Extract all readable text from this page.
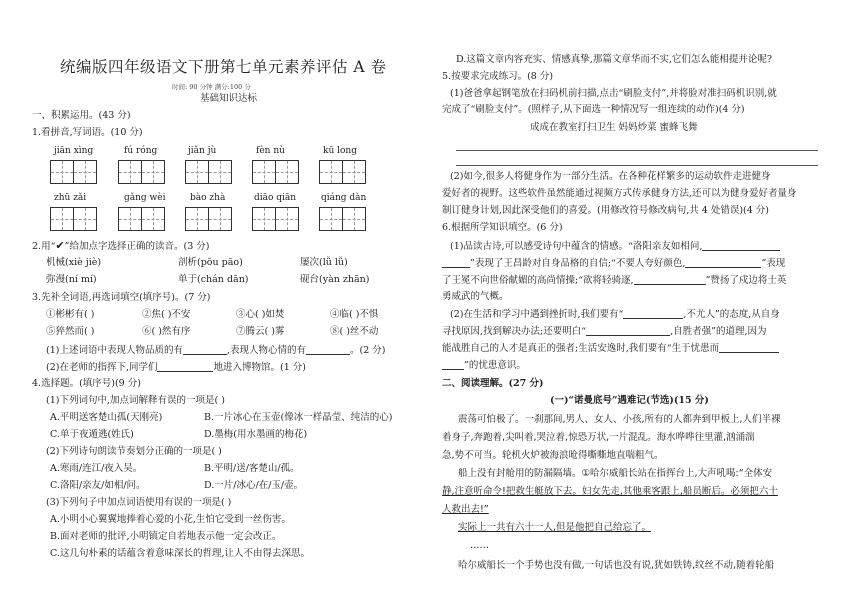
统编版四年级语文下册第七单元素养评估 A 卷
时间: 90 分钟 满分:100 分
基础知识达标
一、积累运用。(43 分)
1.看拼音,写词语。(10 分)
jiān xìng	fú róng	jiǎn jù	fèn nù	kū long
zhū zǎi	gǎng wèi	bào zhà	diāo qiān	qiáng dàn
2.用“✔”给加点字选择正确的读音。(3 分)
机械(xiè jiè)	剖析(pōu pāo)	屡次(lǚ lǚ)
弥漫(ní mí)	单于(chán dān)	砚台(yàn zhān)
3.先补全词语,再选词填空(填序号)。(7 分)
①彬彬有( )	②焦( )不安	③心( )如焚	④临( )不惧
⑤猝然而( )	⑥( )然有序	⑦腾云( )雾	⑧( )丝不动
(1)上述词语中表现人物品质的有	,表现人物心情的有	。(2 分)
(2)在老师的指挥下,同学们	地进入博物馆。(1 分)
4.选择题。(填序号)(9 分)
(1)下列词句中,加点词解释有误的一项是( )
A.平明送客楚山孤(天刚亮)	B.一片冰心在玉壶(像冰一样晶莹、纯洁的心)
C.单于夜遁逃(姓氏)	D.墨梅(用水墨画的梅花)
(2)下列诗句朗读节奏划分正确的一项是( )
A.寒雨/连江/夜入吴。	B.平明/送/客楚山/孤。
C.洛阳/亲友/如相/问。	D.一片/冰心/在/玉/壶。
(3)下列句子中加点词语使用有误的一项是( )
A.小明小心翼翼地捧着心爱的小花,生怕它受到一丝伤害。
B.面对老师的批评,小明镇定自若地表示他一定会改正。
C.这几句朴素的话蕴含着意味深长的哲理,让人不由得去深思。
D.这篇文章内容充实、情感真挚,那篇文章华而不实,它们怎么能相提并论呢?
5.按要求完成练习。(8 分)
(1)爸爸拿起钢笔放在扫码机前扫描,点击“刷脸支付”,并将脸对准扫码机识别,就
完成了“刷脸支付”。(照样子,从下面选一种情况写一组连续的动作)(4 分)
成成在教室打扫卫生 妈妈炒菜 蜜蜂飞舞
(2)如今,很多人将健身作为一部分生活。在各种花样繁多的运动软件走进健身
爱好者的视野。这些软件虽然能通过视频方式传承健身方法,还可以为健身爱好者量身
制订健身计划,因此深受他们的喜爱。(用修改符号修改病句,共 4 处错误)(4 分)
6.根据所学知识填空。(6 分)
(1)品读古诗,可以感受诗句中蕴含的情感。“洛阳亲友如相问,
”表现了王昌龄对自身品格的自信;“不要人夸好颜色,	”表现
了王冕不向世俗献媚的高尚情操;“欲将轻骑逐,	”赞扬了戍边将士英
勇威武的气概。
(2)在生活和学习中遇到挫折时,我们要有“	,不尤人”的态度,从自身
寻找原因,找到解决办法;还要明白“	,自胜者强”的道理,因为
能战胜自己的人才是真正的强者;生活安逸时,我们要有“生于忧患而
”的忧患意识。
二、阅读理解。(27 分)
(一)“诺曼底号”遇难记(节选)(15 分)
震荡可怕极了。一刹那间,男人、女人、小孩,所有的人都奔到甲板上,人们半裸
着身子,奔跑着,尖叫着,哭泣着,惊恐万状,一片混乱。海水哗哗往里灌,汹涌湍
急,势不可当。轮机火炉被海浪呛得嘶嘶地直喘粗气。
船上没有封舱用的防漏隔墙。①哈尔威船长站在指挥台上,大声吼喝:“全体安
静,注意听命令!把救生艇放下去。妇女先走,其他乘客跟上,船员断后。必须把六十
人救出去!”
实际上一共有六十一人,但是他把自己给忘了。
……
哈尔威船长一个手势也没有做,一句话也没有说,犹如铁铸,纹丝不动,随着轮船
